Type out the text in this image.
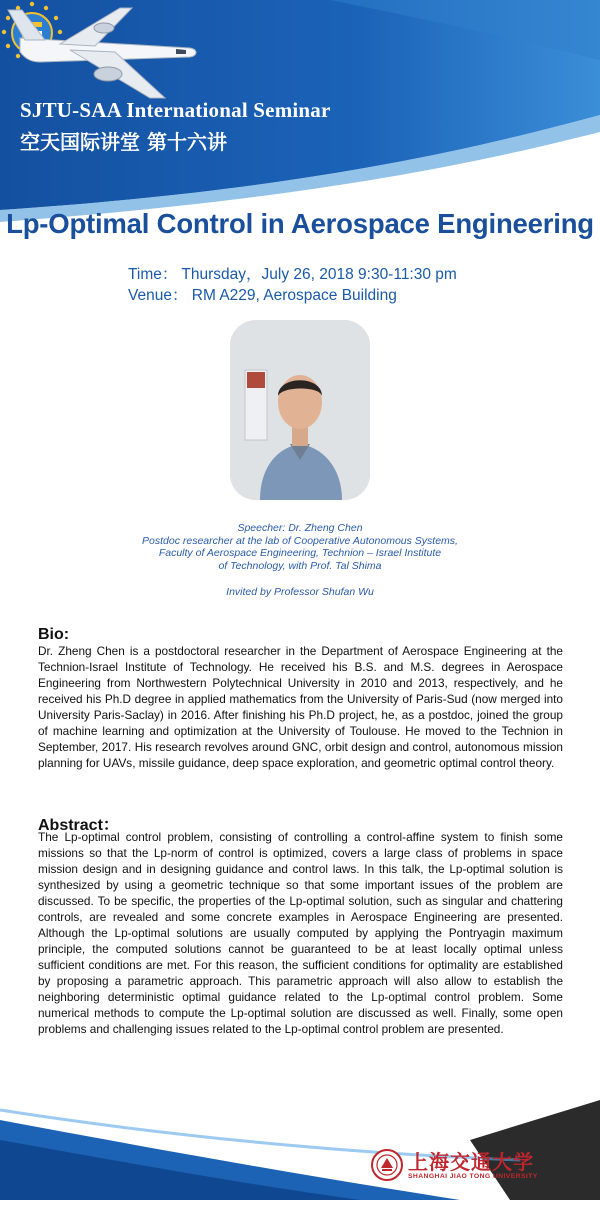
SJTU-SAA International Seminar
空天国际讲堂 第十六讲
Lp-Optimal Control in Aerospace Engineering
Time： Thursday，July 26, 2018 9:30-11:30 pm
Venue： RM A229, Aerospace Building
Speecher: Dr. Zheng Chen
Postdoc researcher at the lab of Cooperative Autonomous Systems,
Faculty of Aerospace Engineering, Technion – Israel Institute
of Technology, with Prof. Tal Shima
Invited by Professor Shufan Wu
Bio:
Dr. Zheng Chen is a postdoctoral researcher in the Department of Aerospace Engineering at the Technion-Israel Institute of Technology. He received his B.S. and M.S. degrees in Aerospace Engineering from Northwestern Polytechnical University in 2010 and 2013, respectively, and he received his Ph.D degree in applied mathematics from the University of Paris-Sud (now merged into University Paris-Saclay) in 2016. After finishing his Ph.D project, he, as a postdoc, joined the group of machine learning and optimization at the University of Toulouse. He moved to the Technion in September, 2017. His research revolves around GNC, orbit design and control, autonomous mission planning for UAVs, missile guidance, deep space exploration, and geometric optimal control theory.
Abstract：
The Lp-optimal control problem, consisting of controlling a control-affine system to finish some missions so that the Lp-norm of control is optimized, covers a large class of problems in space mission design and in designing guidance and control laws. In this talk, the Lp-optimal solution is synthesized by using a geometric technique so that some important issues of the problem are discussed. To be specific, the properties of the Lp-optimal solution, such as singular and chattering controls, are revealed and some concrete examples in Aerospace Engineering are presented. Although the Lp-optimal solutions are usually computed by applying the Pontryagin maximum principle, the computed solutions cannot be guaranteed to be at least locally optimal unless sufficient conditions are met. For this reason, the sufficient conditions for optimality are established by proposing a parametric approach. This parametric approach will also allow to establish the neighboring deterministic optimal guidance related to the Lp-optimal control problem. Some numerical methods to compute the Lp-optimal solution are discussed as well. Finally, some open problems and challenging issues related to the Lp-optimal control problem are presented.
上海交通大学
SHANGHAI JIAO TONG UNIVERSITY
